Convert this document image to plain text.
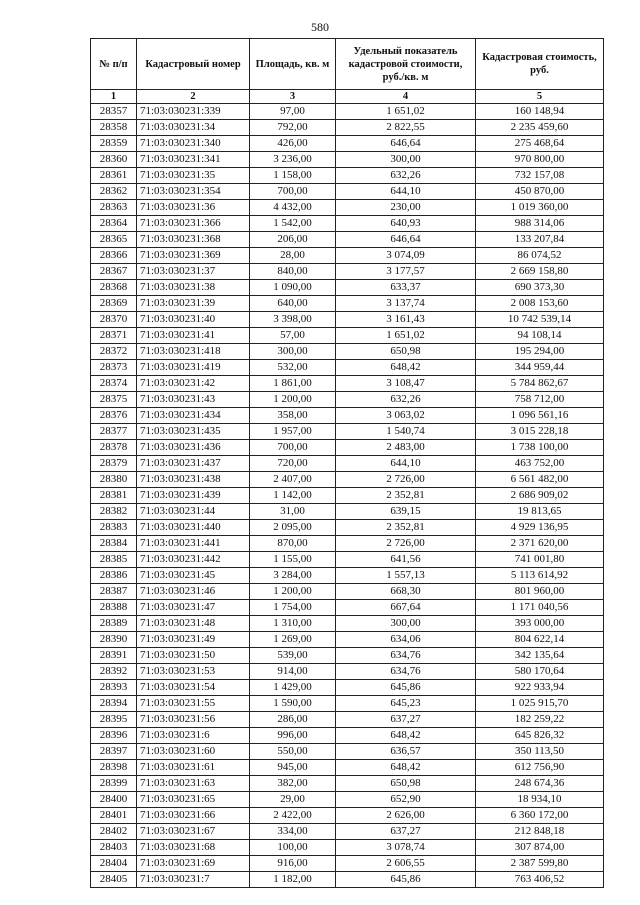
580
№ п/п	Кадастровый номер	Площадь, кв. м	Удельный показатель кадастровой стоимости, руб./кв. м	Кадастровая стоимость, руб.
1	2	3	4	5
28357	71:03:030231:339	97,00	1 651,02	160 148,94
28358	71:03:030231:34	792,00	2 822,55	2 235 459,60
28359	71:03:030231:340	426,00	646,64	275 468,64
28360	71:03:030231:341	3 236,00	300,00	970 800,00
28361	71:03:030231:35	1 158,00	632,26	732 157,08
28362	71:03:030231:354	700,00	644,10	450 870,00
28363	71:03:030231:36	4 432,00	230,00	1 019 360,00
28364	71:03:030231:366	1 542,00	640,93	988 314,06
28365	71:03:030231:368	206,00	646,64	133 207,84
28366	71:03:030231:369	28,00	3 074,09	86 074,52
28367	71:03:030231:37	840,00	3 177,57	2 669 158,80
28368	71:03:030231:38	1 090,00	633,37	690 373,30
28369	71:03:030231:39	640,00	3 137,74	2 008 153,60
28370	71:03:030231:40	3 398,00	3 161,43	10 742 539,14
28371	71:03:030231:41	57,00	1 651,02	94 108,14
28372	71:03:030231:418	300,00	650,98	195 294,00
28373	71:03:030231:419	532,00	648,42	344 959,44
28374	71:03:030231:42	1 861,00	3 108,47	5 784 862,67
28375	71:03:030231:43	1 200,00	632,26	758 712,00
28376	71:03:030231:434	358,00	3 063,02	1 096 561,16
28377	71:03:030231:435	1 957,00	1 540,74	3 015 228,18
28378	71:03:030231:436	700,00	2 483,00	1 738 100,00
28379	71:03:030231:437	720,00	644,10	463 752,00
28380	71:03:030231:438	2 407,00	2 726,00	6 561 482,00
28381	71:03:030231:439	1 142,00	2 352,81	2 686 909,02
28382	71:03:030231:44	31,00	639,15	19 813,65
28383	71:03:030231:440	2 095,00	2 352,81	4 929 136,95
28384	71:03:030231:441	870,00	2 726,00	2 371 620,00
28385	71:03:030231:442	1 155,00	641,56	741 001,80
28386	71:03:030231:45	3 284,00	1 557,13	5 113 614,92
28387	71:03:030231:46	1 200,00	668,30	801 960,00
28388	71:03:030231:47	1 754,00	667,64	1 171 040,56
28389	71:03:030231:48	1 310,00	300,00	393 000,00
28390	71:03:030231:49	1 269,00	634,06	804 622,14
28391	71:03:030231:50	539,00	634,76	342 135,64
28392	71:03:030231:53	914,00	634,76	580 170,64
28393	71:03:030231:54	1 429,00	645,86	922 933,94
28394	71:03:030231:55	1 590,00	645,23	1 025 915,70
28395	71:03:030231:56	286,00	637,27	182 259,22
28396	71:03:030231:6	996,00	648,42	645 826,32
28397	71:03:030231:60	550,00	636,57	350 113,50
28398	71:03:030231:61	945,00	648,42	612 756,90
28399	71:03:030231:63	382,00	650,98	248 674,36
28400	71:03:030231:65	29,00	652,90	18 934,10
28401	71:03:030231:66	2 422,00	2 626,00	6 360 172,00
28402	71:03:030231:67	334,00	637,27	212 848,18
28403	71:03:030231:68	100,00	3 078,74	307 874,00
28404	71:03:030231:69	916,00	2 606,55	2 387 599,80
28405	71:03:030231:7	1 182,00	645,86	763 406,52
